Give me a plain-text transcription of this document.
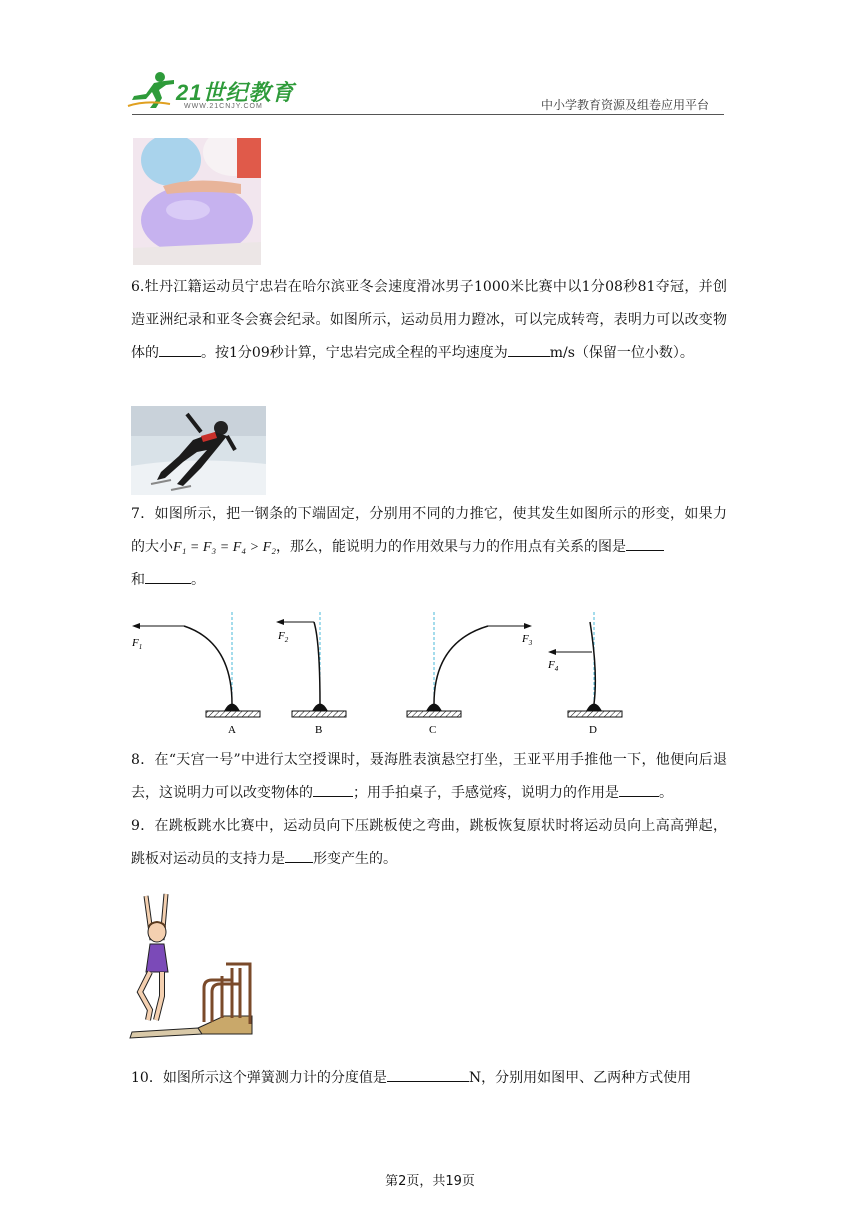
21世纪教育
WWW.21CNJY.COM	中小学教育资源及组卷应用平台

6.牡丹江籍运动员宁忠岩在哈尔滨亚冬会速度滑冰男子1000米比赛中以1分08秒81夺冠，并创造亚洲纪录和亚冬会赛会纪录。如图所示，运动员用力蹬冰，可以完成转弯，表明力可以改变物体的	。按1分09秒计算，宁忠岩完成全程的平均速度为	m/s（保留一位小数）。

7．如图所示，把一钢条的下端固定，分别用不同的力推它，使其发生如图所示的形变，如果力的大小F₁ = F₃ = F₄ > F₂，那么，能说明力的作用效果与力的作用点有关系的图是
和	。

A
$F_1$
B
$F_2$
C
$F_3$
D
$F_4$

8．在“天宫一号”中进行太空授课时，聂海胜表演悬空打坐，王亚平用手推他一下，他便向后退去，这说明力可以改变物体的	；用手拍桌子，手感觉疼，说明力的作用是	。

9．在跳板跳水比赛中，运动员向下压跳板使之弯曲，跳板恢复原状时将运动员向上高高弹起，跳板对运动员的支持力是 形变产生的。

10．如图所示这个弹簧测力计的分度值是	N，分别用如图甲、乙两种方式使用

第2页，共19页
